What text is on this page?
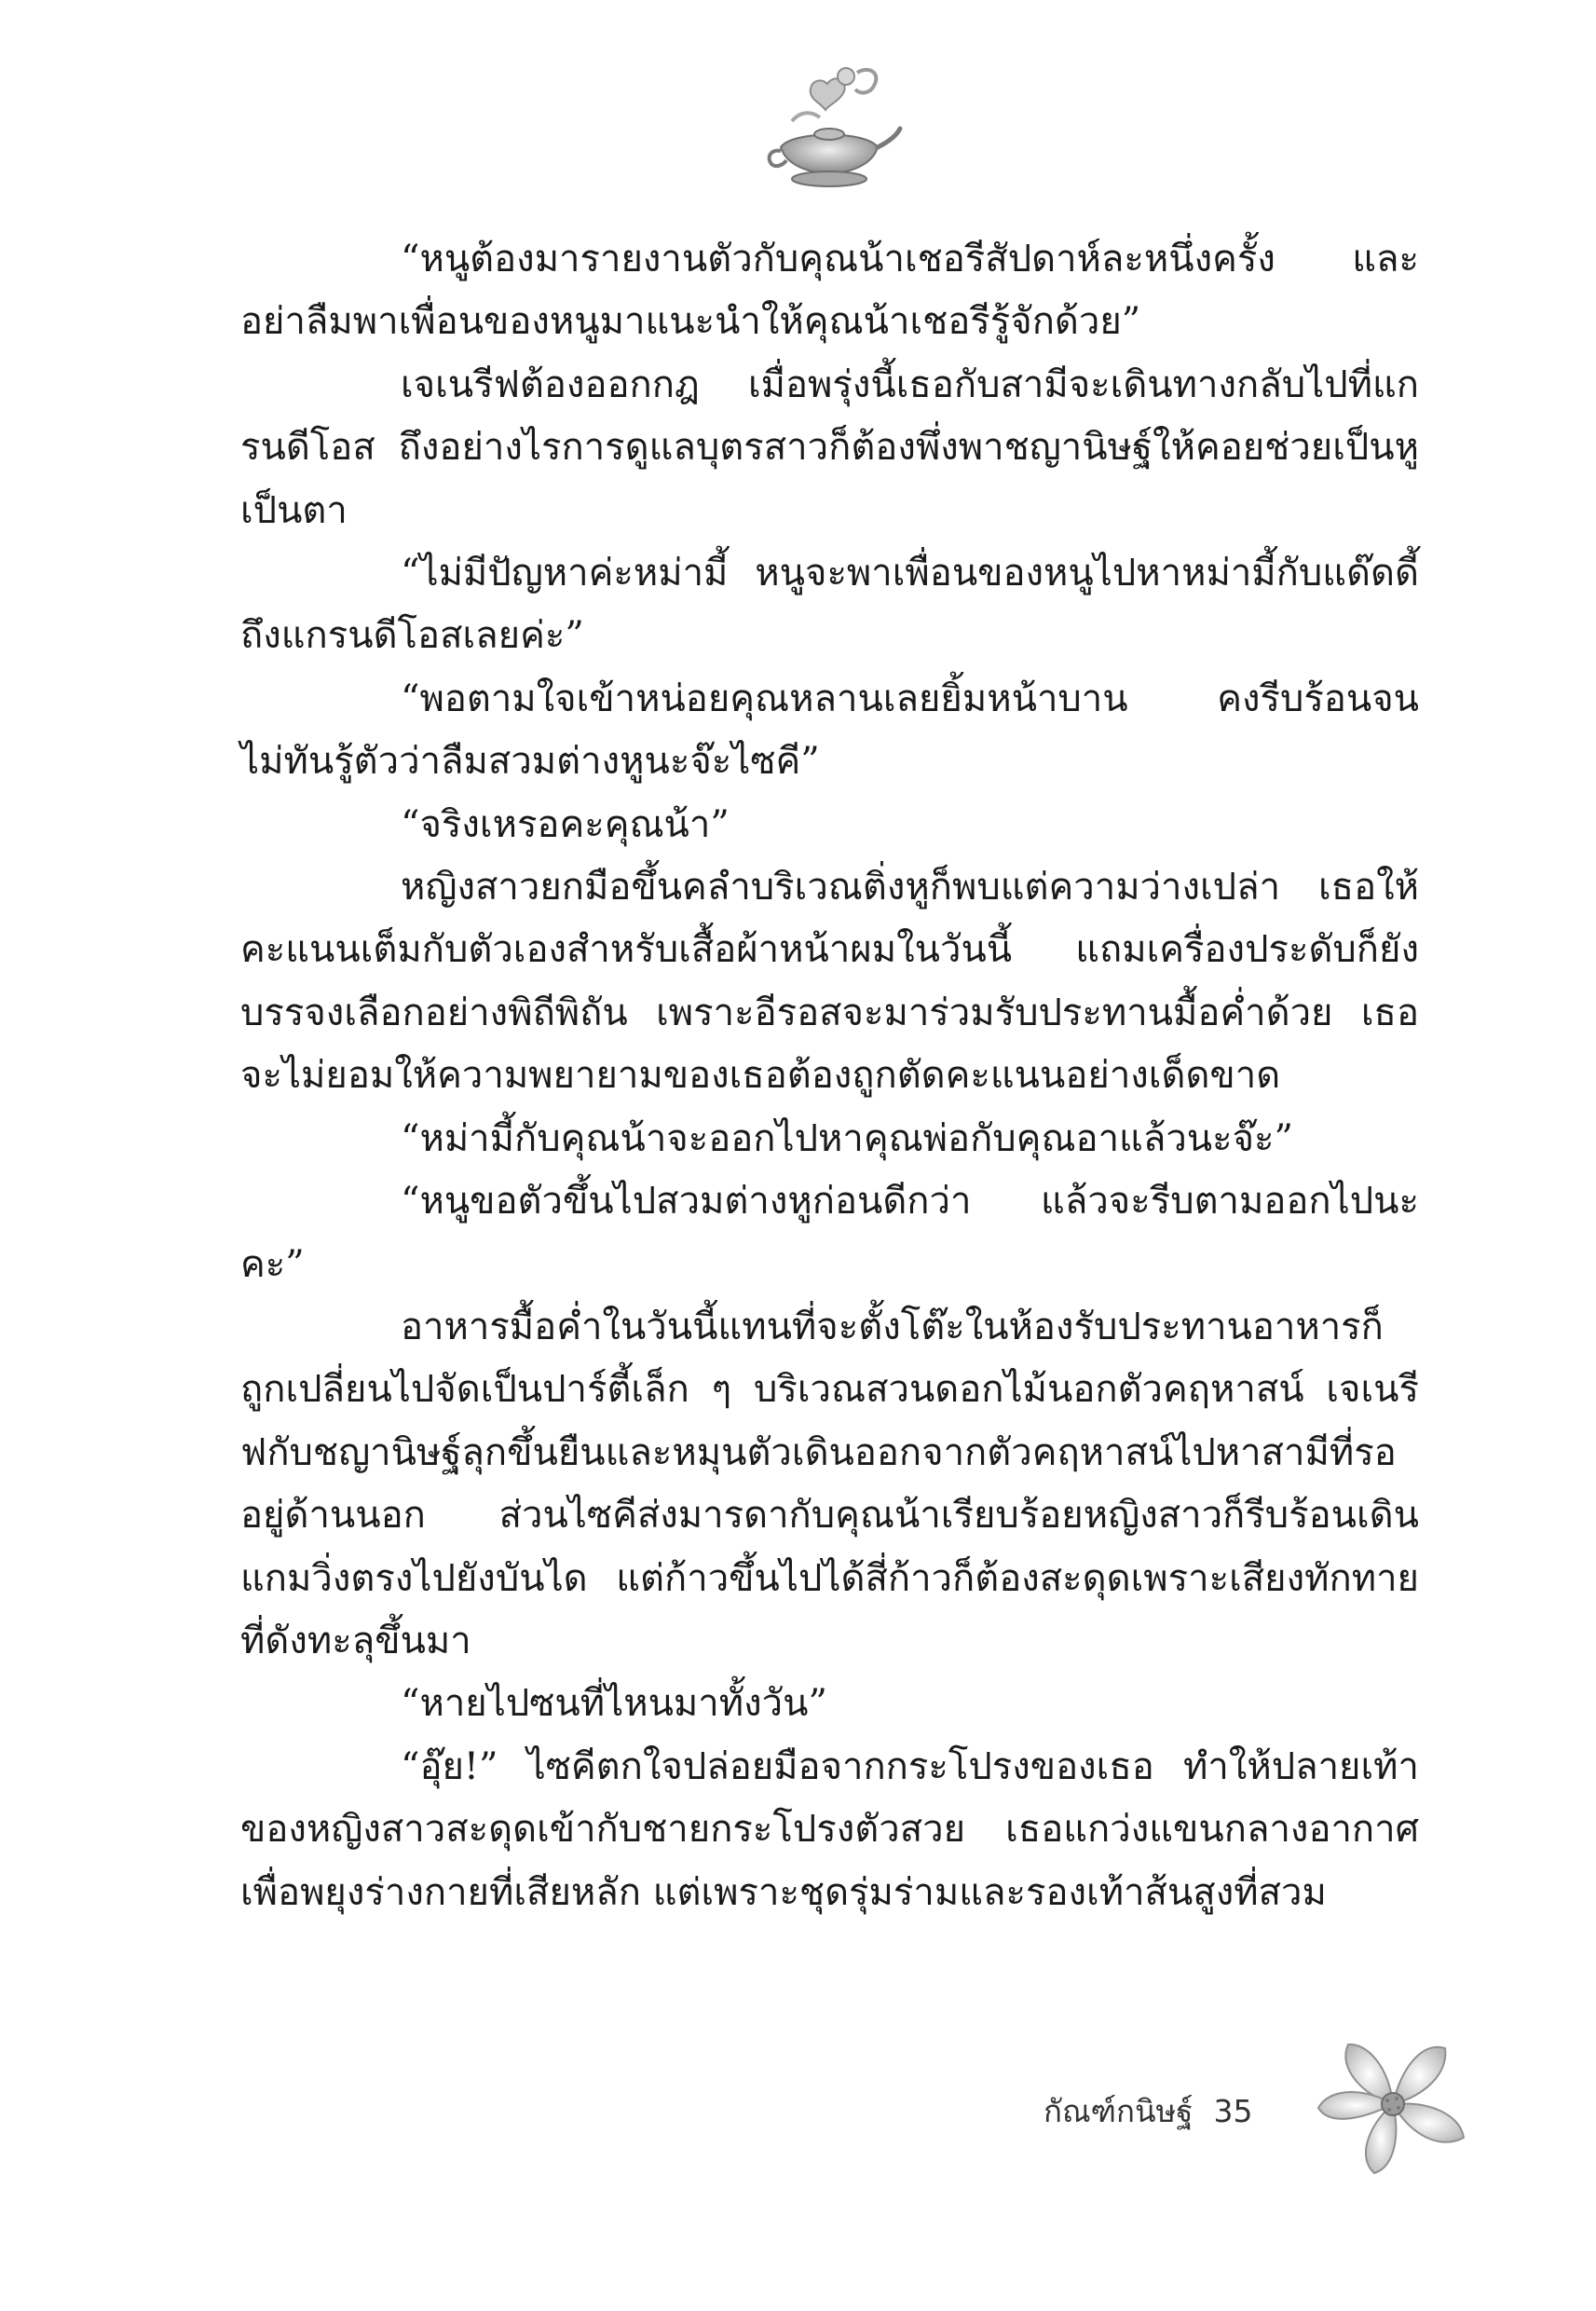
“หนูต้องมารายงานตัวกับคุณน้าเชอรีสัปดาห์ละหนึ่งครั้ง และอย่าลืมพาเพื่อนของหนูมาแนะนำให้คุณน้าเชอรีรู้จักด้วย”

เจเนรีฟต้องออกกฎ เมื่อพรุ่งนี้เธอกับสามีจะเดินทางกลับไปที่แกรนดีโอส ถึงอย่างไรการดูแลบุตรสาวก็ต้องพึ่งพาชญานิษฐ์ให้คอยช่วยเป็นหูเป็นตา

“ไม่มีปัญหาค่ะหม่ามี้ หนูจะพาเพื่อนของหนูไปหาหม่ามี้กับแด๊ดดี้ถึงแกรนดีโอสเลยค่ะ”

“พอตามใจเข้าหน่อยคุณหลานเลยยิ้มหน้าบาน คงรีบร้อนจนไม่ทันรู้ตัวว่าลืมสวมต่างหูนะจ๊ะไซคี”

“จริงเหรอคะคุณน้า”

หญิงสาวยกมือขึ้นคลำบริเวณติ่งหูก็พบแต่ความว่างเปล่า เธอให้คะแนนเต็มกับตัวเองสำหรับเสื้อผ้าหน้าผมในวันนี้ แถมเครื่องประดับก็ยังบรรจงเลือกอย่างพิถีพิถัน เพราะอีรอสจะมาร่วมรับประทานมื้อค่ำด้วย เธอจะไม่ยอมให้ความพยายามของเธอต้องถูกตัดคะแนนอย่างเด็ดขาด

“หม่ามี้กับคุณน้าจะออกไปหาคุณพ่อกับคุณอาแล้วนะจ๊ะ”

“หนูขอตัวขึ้นไปสวมต่างหูก่อนดีกว่า แล้วจะรีบตามออกไปนะคะ”

อาหารมื้อค่ำในวันนี้แทนที่จะตั้งโต๊ะในห้องรับประทานอาหารก็ถูกเปลี่ยนไปจัดเป็นปาร์ตี้เล็ก ๆ บริเวณสวนดอกไม้นอกตัวคฤหาสน์ เจเนรีฟกับชญานิษฐ์ลุกขึ้นยืนและหมุนตัวเดินออกจากตัวคฤหาสน์ไปหาสามีที่รออยู่ด้านนอก ส่วนไซคีส่งมารดากับคุณน้าเรียบร้อยหญิงสาวก็รีบร้อนเดินแกมวิ่งตรงไปยังบันได แต่ก้าวขึ้นไปได้สี่ก้าวก็ต้องสะดุดเพราะเสียงทักทายที่ดังทะลุขึ้นมา

“หายไปซนที่ไหนมาทั้งวัน”

“อุ๊ย!” ไซคีตกใจปล่อยมือจากกระโปรงของเธอ ทำให้ปลายเท้าของหญิงสาวสะดุดเข้ากับชายกระโปรงตัวสวย เธอแกว่งแขนกลางอากาศเพื่อพยุงร่างกายที่เสียหลัก แต่เพราะชุดรุ่มร่ามและรองเท้าส้นสูงที่สวม

กัณฑ์กนิษฐ์ 35
